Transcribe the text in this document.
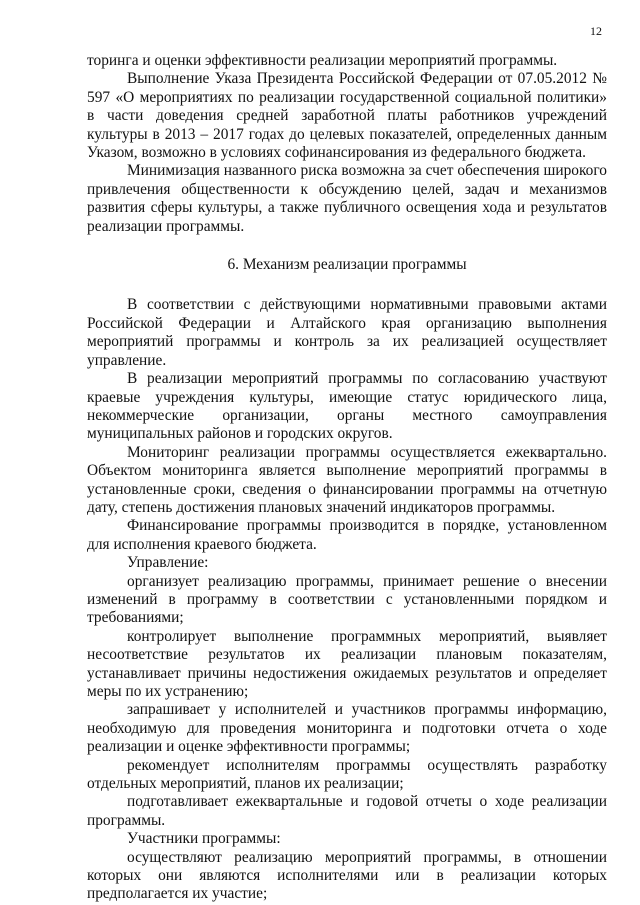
12

торинга и оценки эффективности реализации мероприятий программы.

Выполнение Указа Президента Российской Федерации от 07.05.2012 № 597 «О мероприятиях по реализации государственной социальной политики» в части доведения средней заработной платы работников учреждений культуры в 2013 – 2017 годах до целевых показателей, определенных данным Указом, возможно в условиях софинансирования из федерального бюджета.

Минимизация названного риска возможна за счет обеспечения широкого привлечения общественности к обсуждению целей, задач и механизмов развития сферы культуры, а также публичного освещения хода и результатов реализации программы.

6. Механизм реализации программы

В соответствии с действующими нормативными правовыми актами Российской Федерации и Алтайского края организацию выполнения мероприятий программы и контроль за их реализацией осуществляет управление.

В реализации мероприятий программы по согласованию участвуют краевые учреждения культуры, имеющие статус юридического лица, некоммерческие организации, органы местного самоуправления муниципальных районов и городских округов.

Мониторинг реализации программы осуществляется ежеквартально. Объектом мониторинга является выполнение мероприятий программы в установленные сроки, сведения о финансировании программы на отчетную дату, степень достижения плановых значений индикаторов программы.

Финансирование программы производится в порядке, установленном для исполнения краевого бюджета.

Управление:

организует реализацию программы, принимает решение о внесении изменений в программу в соответствии с установленными порядком и требованиями;

контролирует выполнение программных мероприятий, выявляет несоответствие результатов их реализации плановым показателям, устанавливает причины недостижения ожидаемых результатов и определяет меры по их устранению;

запрашивает у исполнителей и участников программы информацию, необходимую для проведения мониторинга и подготовки отчета о ходе реализации и оценке эффективности программы;

рекомендует исполнителям программы осуществлять разработку отдельных мероприятий, планов их реализации;

подготавливает ежеквартальные и годовой отчеты о ходе реализации программы.

Участники программы:

осуществляют реализацию мероприятий программы, в отношении которых они являются исполнителями или в реализации которых предполагается их участие;
